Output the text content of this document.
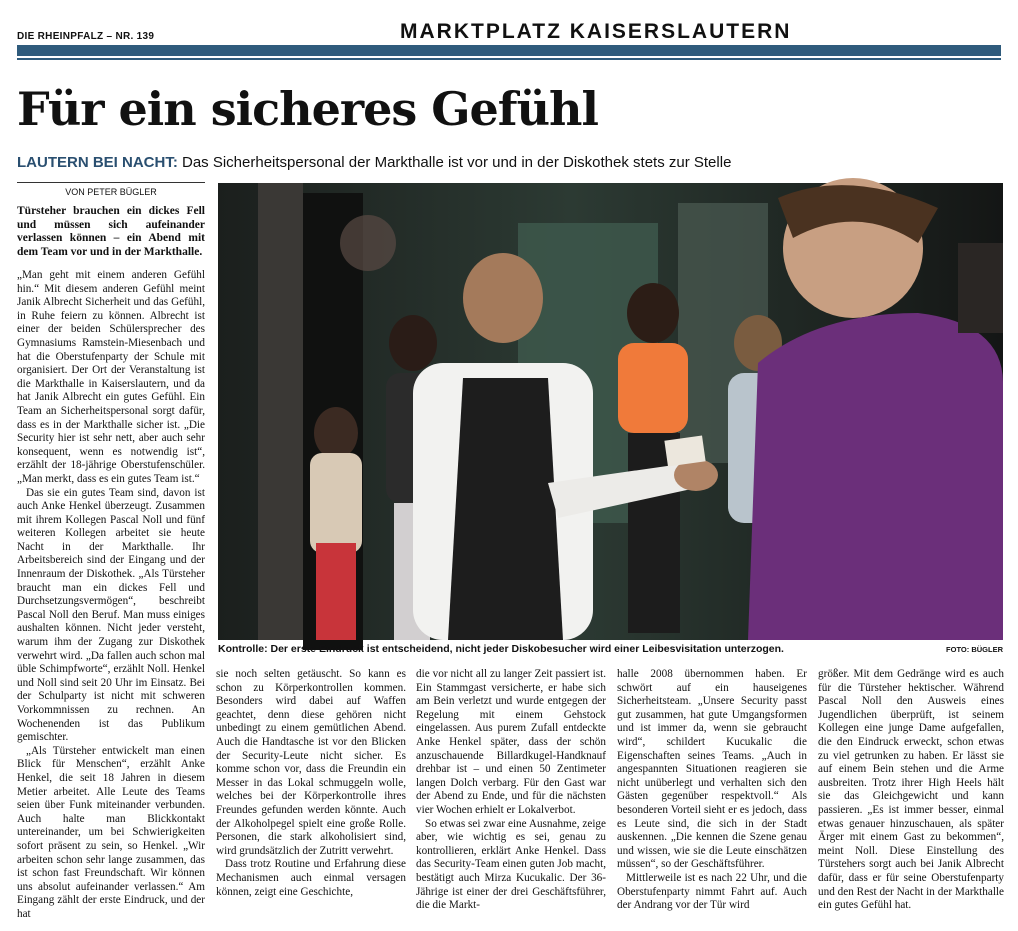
DIE RHEINPFALZ – NR. 139	MARKTPLATZ KAISERSLAUTERN
Für ein sicheres Gefühl
LAUTERN BEI NACHT: Das Sicherheitspersonal der Markthalle ist vor und in der Diskothek stets zur Stelle
VON PETER BÜGLER

Türsteher brauchen ein dickes Fell und müssen sich aufeinander verlassen können – ein Abend mit dem Team vor und in der Markthalle.

„Man geht mit einem anderen Gefühl hin.“ Mit diesem anderen Gefühl meint Janik Albrecht Sicherheit und das Gefühl, in Ruhe feiern zu können. Albrecht ist einer der beiden Schülersprecher des Gymnasiums Ramstein-Miesenbach und hat die Oberstufenparty der Schule mit organisiert. Der Ort der Veranstaltung ist die Markthalle in Kaiserslautern, und da hat Janik Albrecht ein gutes Gefühl. Ein Team an Sicherheitspersonal sorgt dafür, dass es in der Markthalle sicher ist. „Die Security hier ist sehr nett, aber auch sehr konsequent, wenn es notwendig ist“, erzählt der 18-jährige Oberstufenschüler. „Man merkt, dass es ein gutes Team ist.“

Das sie ein gutes Team sind, davon ist auch Anke Henkel überzeugt. Zusammen mit ihrem Kollegen Pascal Noll und fünf weiteren Kollegen arbeitet sie heute Nacht in der Markthalle. Ihr Arbeitsbereich sind der Eingang und der Innenraum der Diskothek. „Als Türsteher braucht man ein dickes Fell und Durchsetzungsvermögen“, beschreibt Pascal Noll den Beruf. Man muss einiges aushalten können. Nicht jeder versteht, warum ihm der Zugang zur Diskothek verwehrt wird. „Da fallen auch schon mal üble Schimpfworte“, erzählt Noll. Henkel und Noll sind seit 20 Uhr im Einsatz. Bei der Schulparty ist nicht mit schweren Vorkommnissen zu rechnen. An Wochenenden ist das Publikum gemischter.

„Als Türsteher entwickelt man einen Blick für Menschen“, erzählt Anke Henkel, die seit 18 Jahren in diesem Metier arbeitet. Alle Leute des Teams seien über Funk miteinander verbunden. Auch halte man Blickkontakt untereinander, um bei Schwierigkeiten sofort präsent zu sein, so Henkel. „Wir arbeiten schon sehr lange zusammen, das ist schon fast Freundschaft. Wir können uns absolut aufeinander verlassen.“ Am Eingang zählt der erste Eindruck, und der hat

Kontrolle: Der erste Eindruck ist entscheidend, nicht jeder Diskobesucher wird einer Leibesvisitation unterzogen.	FOTO: BÜGLER

sie noch selten getäuscht. So kann es schon zu Körperkontrollen kommen. Besonders wird dabei auf Waffen geachtet, denn diese gehören nicht unbedingt zu einem gemütlichen Abend. Auch die Handtasche ist vor den Blicken der Security-Leute nicht sicher. Es komme schon vor, dass die Freundin ein Messer in das Lokal schmuggeln wolle, welches bei der Körperkontrolle ihres Freundes gefunden werden könnte. Auch der Alkoholpegel spielt eine große Rolle. Personen, die stark alkoholisiert sind, wird grundsätzlich der Zutritt verwehrt.

Dass trotz Routine und Erfahrung diese Mechanismen auch einmal versagen können, zeigt eine Geschichte,

die vor nicht all zu langer Zeit passiert ist. Ein Stammgast versicherte, er habe sich am Bein verletzt und wurde entgegen der Regelung mit einem Gehstock eingelassen. Aus purem Zufall entdeckte Anke Henkel später, dass der schön anzuschauende Billardkugel-Handknauf drehbar ist – und einen 50 Zentimeter langen Dolch verbarg. Für den Gast war der Abend zu Ende, und für die nächsten vier Wochen erhielt er Lokalverbot.

So etwas sei zwar eine Ausnahme, zeige aber, wie wichtig es sei, genau zu kontrollieren, erklärt Anke Henkel. Dass das Security-Team einen guten Job macht, bestätigt auch Mirza Kucukalic. Der 36-Jährige ist einer der drei Geschäftsführer, die die Markt-

halle 2008 übernommen haben. Er schwört auf ein hauseigenes Sicherheitsteam. „Unsere Security passt gut zusammen, hat gute Umgangsformen und ist immer da, wenn sie gebraucht wird“, schildert Kucukalic die Eigenschaften seines Teams. „Auch in angespannten Situationen reagieren sie nicht unüberlegt und verhalten sich den Gästen gegenüber respektvoll.“ Als besonderen Vorteil sieht er es jedoch, dass es Leute sind, die sich in der Stadt auskennen. „Die kennen die Szene genau und wissen, wie sie die Leute einschätzen müssen“, so der Geschäftsführer.

Mittlerweile ist es nach 22 Uhr, und die Oberstufenparty nimmt Fahrt auf. Auch der Andrang vor der Tür wird

größer. Mit dem Gedränge wird es auch für die Türsteher hektischer. Während Pascal Noll den Ausweis eines Jugendlichen überprüft, ist seinem Kollegen eine junge Dame aufgefallen, die den Eindruck erweckt, schon etwas zu viel getrunken zu haben. Er lässt sie auf einem Bein stehen und die Arme ausbreiten. Trotz ihrer High Heels hält sie das Gleichgewicht und kann passieren. „Es ist immer besser, einmal etwas genauer hinzuschauen, als später Ärger mit einem Gast zu bekommen“, meint Noll. Diese Einstellung des Türstehers sorgt auch bei Janik Albrecht dafür, dass er für seine Oberstufenparty und den Rest der Nacht in der Markthalle ein gutes Gefühl hat.
